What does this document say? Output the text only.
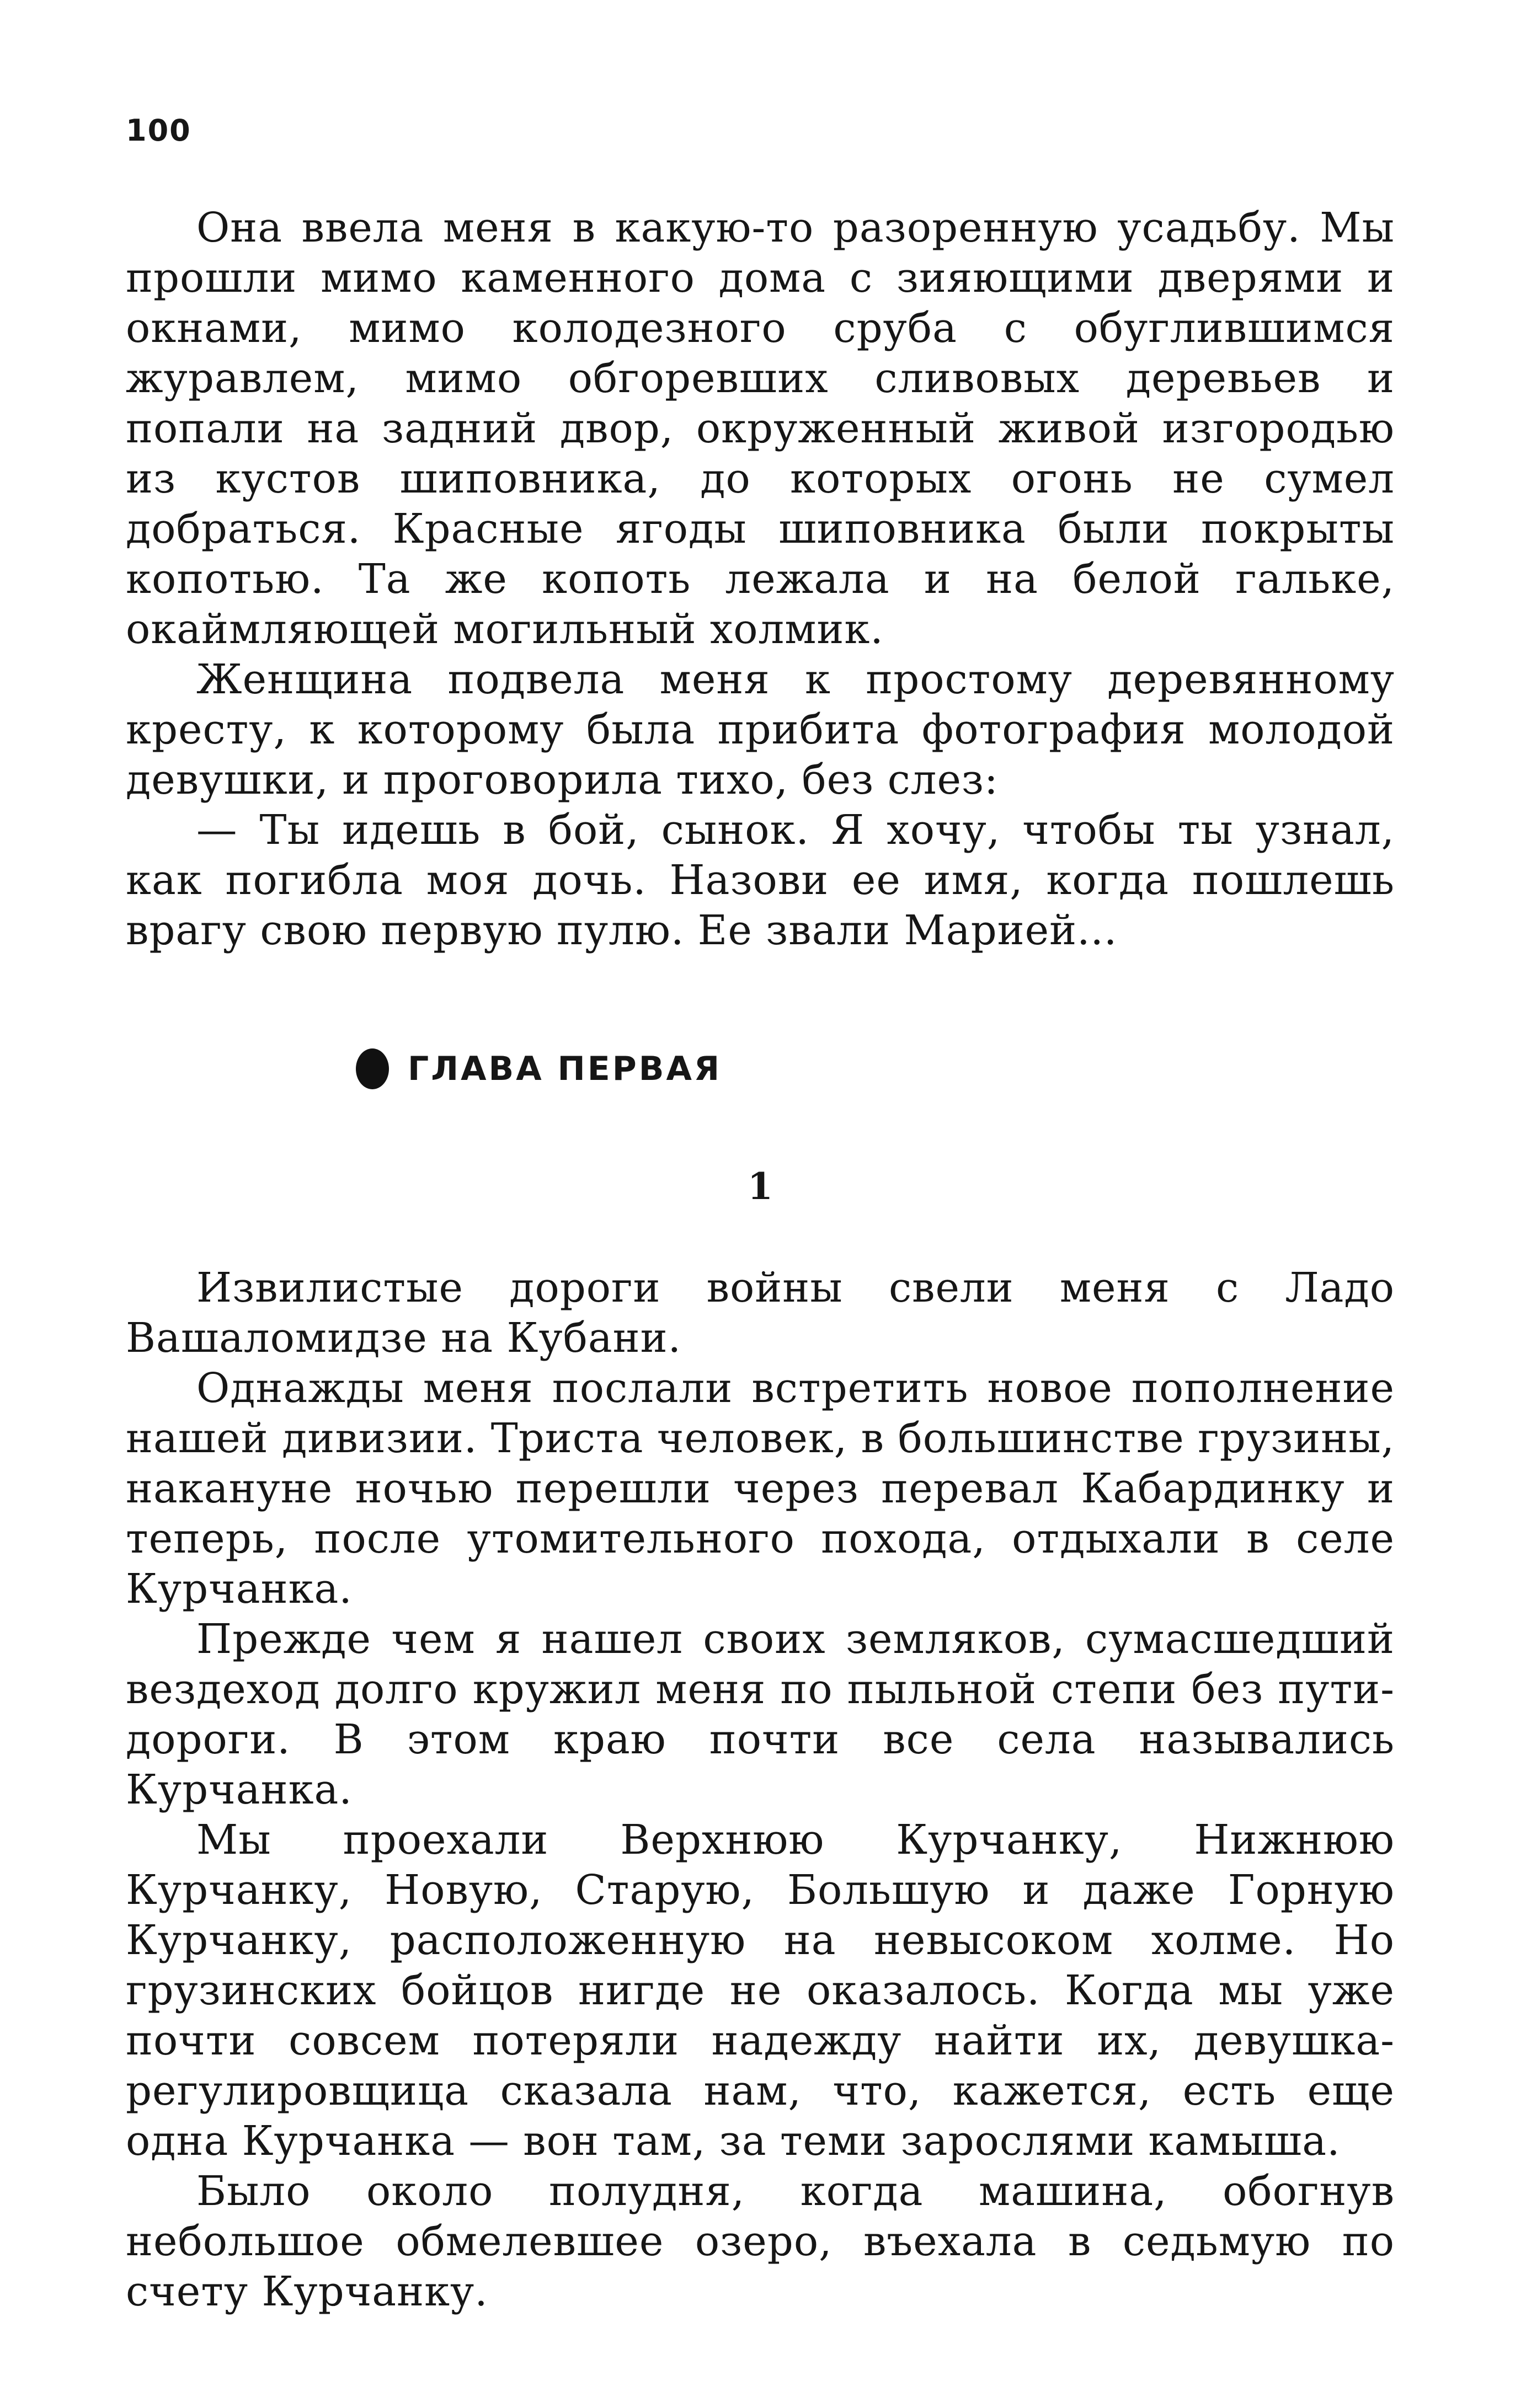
100

Она ввела меня в какую-то разоренную усадьбу. Мы прошли мимо каменного дома с зияющими дверями и окнами, мимо колодезного сруба с обуглившимся журавлем, мимо обгоревших сливовых деревьев и попали на задний двор, окруженный живой изгородью из кустов шиповника, до которых огонь не сумел добраться. Красные ягоды шиповника были покрыты копотью. Та же копоть лежала и на белой гальке, окаймляющей могильный холмик.

Женщина подвела меня к простому деревянному кресту, к которому была прибита фотография молодой девушки, и проговорила тихо, без слез:

— Ты идешь в бой, сынок. Я хочу, чтобы ты узнал, как погибла моя дочь. Назови ее имя, когда пошлешь врагу свою первую пулю. Ее звали Марией...

ГЛАВА ПЕРВАЯ
1

Извилистые дороги войны свели меня с Ладо Вашаломидзе на Кубани.

Однажды меня послали встретить новое пополнение нашей дивизии. Триста человек, в большинстве грузины, накануне ночью перешли через перевал Кабардинку и теперь, после утомительного похода, отдыхали в селе Курчанка.

Прежде чем я нашел своих земляков, сумасшедший вездеход долго кружил меня по пыльной степи без пути-дороги. В этом краю почти все села назывались Курчанка.

Мы проехали Верхнюю Курчанку, Нижнюю Курчанку, Новую, Старую, Большую и даже Горную Курчанку, расположенную на невысоком холме. Но грузинских бойцов нигде не оказалось. Когда мы уже почти совсем потеряли надежду найти их, девушка-регулировщица сказала нам, что, кажется, есть еще одна Курчанка — вон там, за теми зарослями камыша.

Было около полудня, когда машина, обогнув небольшое обмелевшее озеро, въехала в седьмую по счету Курчанку.
